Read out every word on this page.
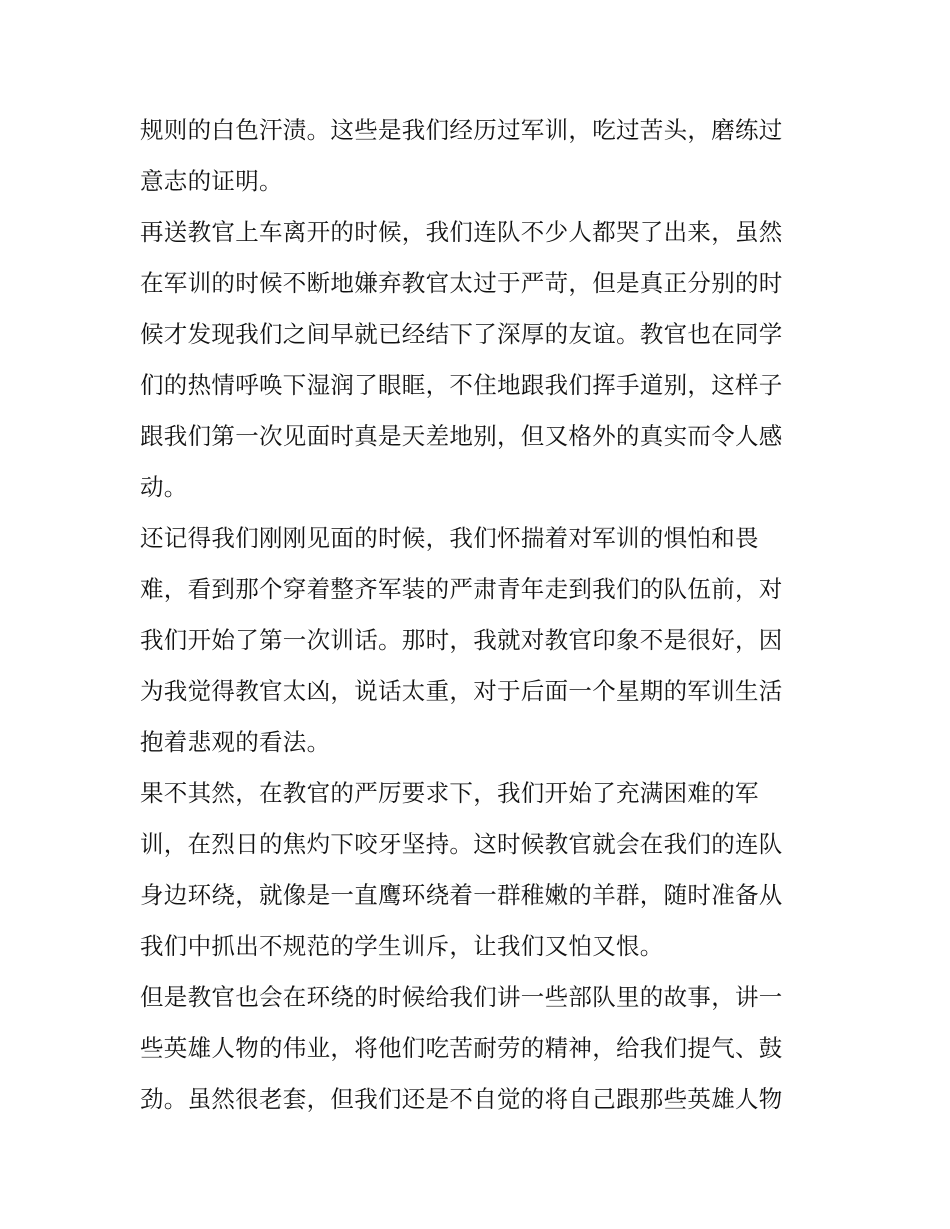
规则的白色汗渍。这些是我们经历过军训，吃过苦头，磨练过
意志的证明。
再送教官上车离开的时候，我们连队不少人都哭了出来，虽然
在军训的时候不断地嫌弃教官太过于严苛，但是真正分别的时
候才发现我们之间早就已经结下了深厚的友谊。教官也在同学
们的热情呼唤下湿润了眼眶，不住地跟我们挥手道别，这样子
跟我们第一次见面时真是天差地别，但又格外的真实而令人感
动。
还记得我们刚刚见面的时候，我们怀揣着对军训的惧怕和畏
难，看到那个穿着整齐军装的严肃青年走到我们的队伍前，对
我们开始了第一次训话。那时，我就对教官印象不是很好，因
为我觉得教官太凶，说话太重，对于后面一个星期的军训生活
抱着悲观的看法。
果不其然，在教官的严厉要求下，我们开始了充满困难的军
训，在烈日的焦灼下咬牙坚持。这时候教官就会在我们的连队
身边环绕，就像是一直鹰环绕着一群稚嫩的羊群，随时准备从
我们中抓出不规范的学生训斥，让我们又怕又恨。
但是教官也会在环绕的时候给我们讲一些部队里的故事，讲一
些英雄人物的伟业，将他们吃苦耐劳的精神，给我们提气、鼓
劲。虽然很老套，但我们还是不自觉的将自己跟那些英雄人物
